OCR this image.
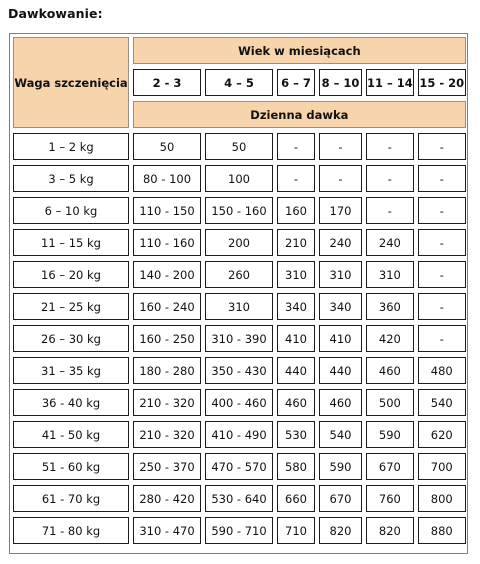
Dawkowanie:
Waga szczenięcia	Wiek w miesiącach					
	2 - 3	4 – 5	6 – 7	8 – 10	11 – 14	15 - 20
	Dzienna dawka					
1 – 2 kg	50	50	-	-	-	-
3 – 5 kg	80 - 100	100	-	-	-	-
6 – 10 kg	110 - 150	150 - 160	160	170	-	-
11 – 15 kg	110 - 160	200	210	240	240	-
16 – 20 kg	140 - 200	260	310	310	310	-
21 – 25 kg	160 - 240	310	340	340	360	-
26 – 30 kg	160 - 250	310 - 390	410	410	420	-
31 – 35 kg	180 - 280	350 - 430	440	440	460	480
36 - 40 kg	210 - 320	400 - 460	460	460	500	540
41 - 50 kg	210 - 320	410 - 490	530	540	590	620
51 - 60 kg	250 - 370	470 - 570	580	590	670	700
61 - 70 kg	280 - 420	530 - 640	660	670	760	800
71 - 80 kg	310 - 470	590 - 710	710	820	820	880
